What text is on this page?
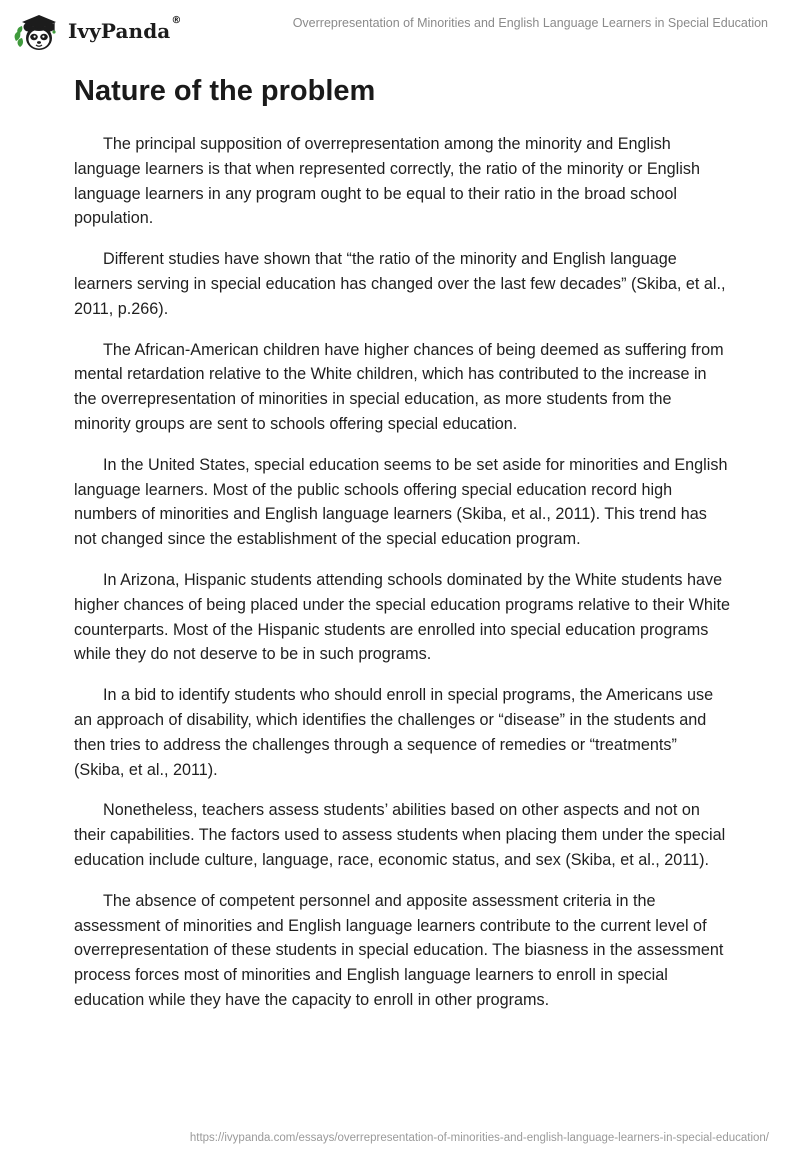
IvyPanda®	Overrepresentation of Minorities and English Language Learners in Special Education
Nature of the problem

The principal supposition of overrepresentation among the minority and English language learners is that when represented correctly, the ratio of the minority or English language learners in any program ought to be equal to their ratio in the broad school population.

Different studies have shown that “the ratio of the minority and English language learners serving in special education has changed over the last few decades” (Skiba, et al., 2011, p.266).

The African-American children have higher chances of being deemed as suffering from mental retardation relative to the White children, which has contributed to the increase in the overrepresentation of minorities in special education, as more students from the minority groups are sent to schools offering special education.

In the United States, special education seems to be set aside for minorities and English language learners. Most of the public schools offering special education record high numbers of minorities and English language learners (Skiba, et al., 2011). This trend has not changed since the establishment of the special education program.

In Arizona, Hispanic students attending schools dominated by the White students have higher chances of being placed under the special education programs relative to their White counterparts. Most of the Hispanic students are enrolled into special education programs while they do not deserve to be in such programs.

In a bid to identify students who should enroll in special programs, the Americans use an approach of disability, which identifies the challenges or “disease” in the students and then tries to address the challenges through a sequence of remedies or “treatments” (Skiba, et al., 2011).

Nonetheless, teachers assess students’ abilities based on other aspects and not on their capabilities. The factors used to assess students when placing them under the special education include culture, language, race, economic status, and sex (Skiba, et al., 2011).

The absence of competent personnel and apposite assessment criteria in the assessment of minorities and English language learners contribute to the current level of overrepresentation of these students in special education. The biasness in the assessment process forces most of minorities and English language learners to enroll in special education while they have the capacity to enroll in other programs.

https://ivypanda.com/essays/overrepresentation-of-minorities-and-english-language-learners-in-special-education/
